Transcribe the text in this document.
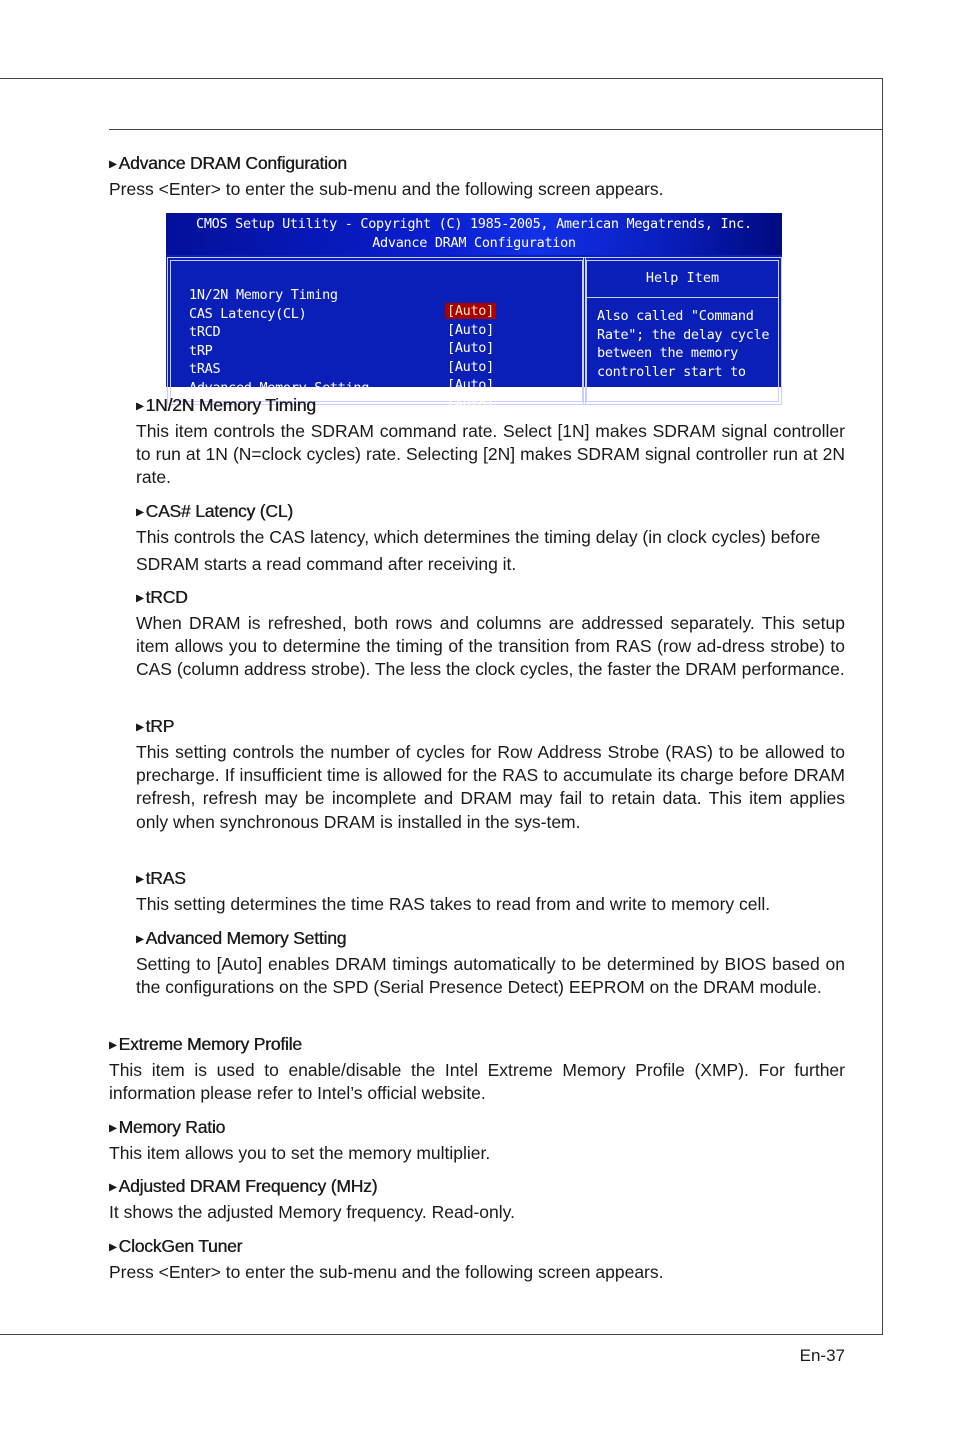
▶ Advance DRAM Configuration
Press <Enter> to enter the sub-menu and the following screen appears.
CMOS Setup Utility - Copyright (C) 1985-2005, American Megatrends, Inc.
Advance DRAM Configuration

1N/2N Memory Timing

[Auto]

CAS Latency(CL)

[Auto]

tRCD

[Auto]

tRP

[Auto]

tRAS

[Auto]

Advanced Memory Setting

[Auto]

Help Item
Also called "Command
Rate"; the delay cycle
between the memory
controller start to
▶ 1N/2N Memory Timing
This item controls the SDRAM command rate. Select [1N] makes SDRAM signal controller to run at 1N (N=clock cycles) rate. Selecting [2N] makes SDRAM signal controller run at 2N rate.
▶ CAS# Latency (CL)
This controls the CAS latency, which determines the timing delay (in clock cycles) before SDRAM starts a read command after receiving it.
▶ tRCD
When DRAM is refreshed, both rows and columns are addressed separately. This setup item allows you to determine the timing of the transition from RAS (row ad-dress strobe) to CAS (column address strobe). The less the clock cycles, the faster the DRAM performance.
▶ tRP
This setting controls the number of cycles for Row Address Strobe (RAS) to be allowed to precharge. If insufficient time is allowed for the RAS to accumulate its charge before DRAM refresh, refresh may be incomplete and DRAM may fail to retain data. This item applies only when synchronous DRAM is installed in the sys-tem.
▶ tRAS
This setting determines the time RAS takes to read from and write to memory cell.
▶ Advanced Memory Setting
Setting to [Auto] enables DRAM timings automatically to be determined by BIOS based on the configurations on the SPD (Serial Presence Detect) EEPROM on the DRAM module.
▶ Extreme Memory Profile
This item is used to enable/disable the Intel Extreme Memory Profile (XMP). For further information please refer to Intel’s official website.
▶ Memory Ratio
This item allows you to set the memory multiplier.
▶ Adjusted DRAM Frequency (MHz)
It shows the adjusted Memory frequency. Read-only.
▶ ClockGen Tuner
Press <Enter> to enter the sub-menu and the following screen appears.
En-37
